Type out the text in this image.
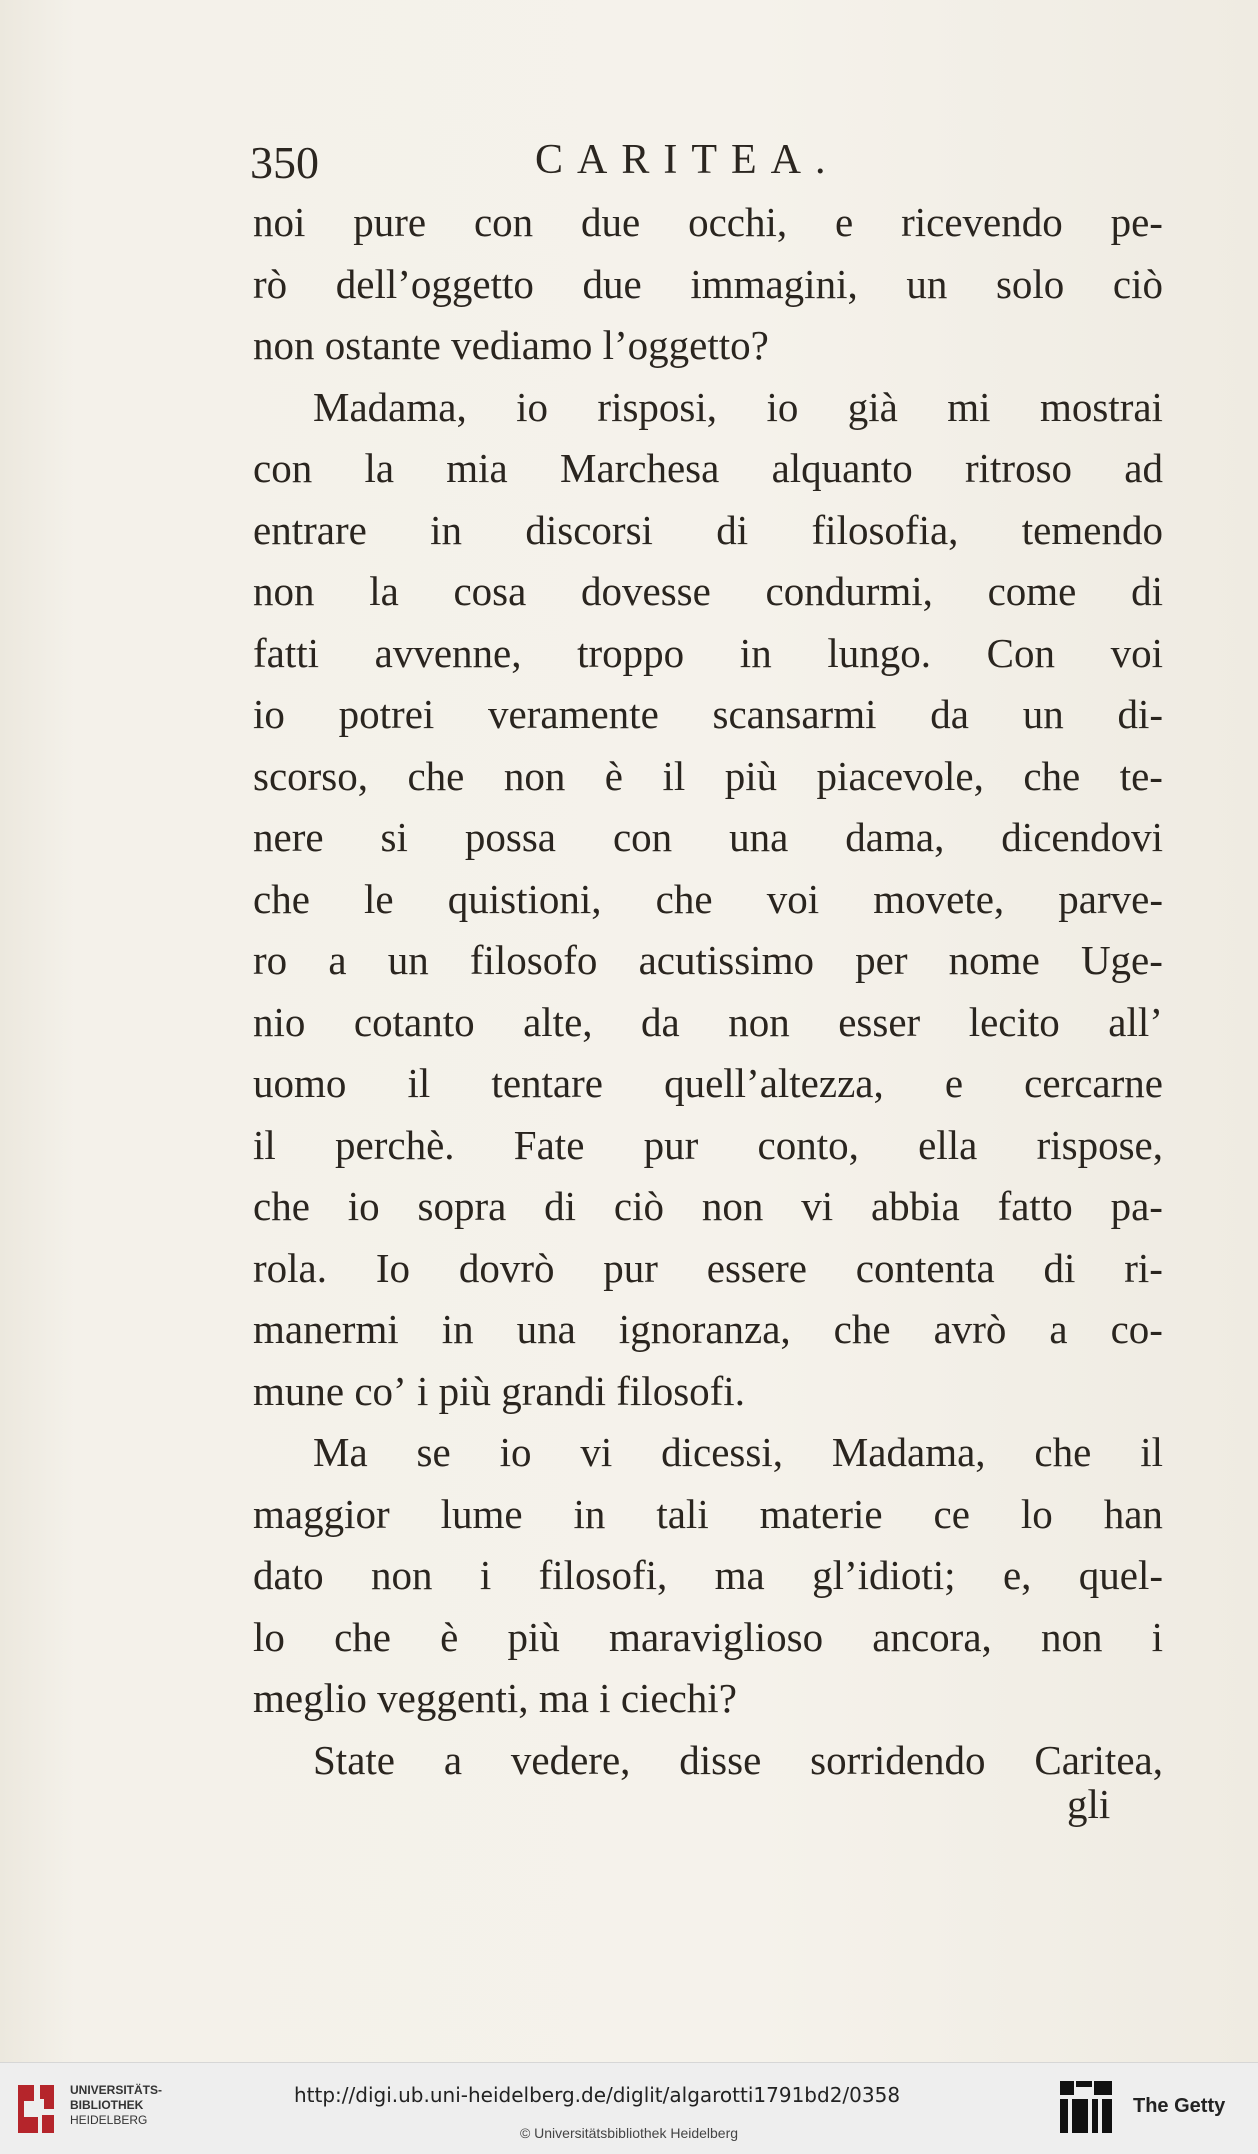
350	CARITEA.
noi pure con due occhi, e ricevendo pe-
rò dell’oggetto due immagini, un solo ciò
non ostante vediamo l’oggetto?
Madama, io risposi, io già mi mostrai
con la mia Marchesa alquanto ritroso ad
entrare in discorsi di filosofia, temendo
non la cosa dovesse condurmi, come di
fatti avvenne, troppo in lungo. Con voi
io potrei veramente scansarmi da un di-
scorso, che non è il più piacevole, che te-
nere si possa con una dama, dicendovi
che le quistioni, che voi movete, parve-
ro a un filosofo acutissimo per nome Uge-
nio cotanto alte, da non esser lecito all’
uomo il tentare quell’altezza, e cercarne
il perchè. Fate pur conto, ella rispose,
che io sopra di ciò non vi abbia fatto pa-
rola. Io dovrò pur essere contenta di ri-
manermi in una ignoranza, che avrò a co-
mune co’ i più grandi filosofi.
Ma se io vi dicessi, Madama, che il
maggior lume in tali materie ce lo han
dato non i filosofi, ma gl’idioti; e, quel-
lo che è più maraviglioso ancora, non i
meglio veggenti, ma i ciechi?
State a vedere, disse sorridendo Caritea,
gli
UNIVERSITÄTS-
BIBLIOTHEK
HEIDELBERG
http://digi.ub.uni-heidelberg.de/diglit/algarotti1791bd2/0358
© Universitätsbibliothek Heidelberg
The Getty
